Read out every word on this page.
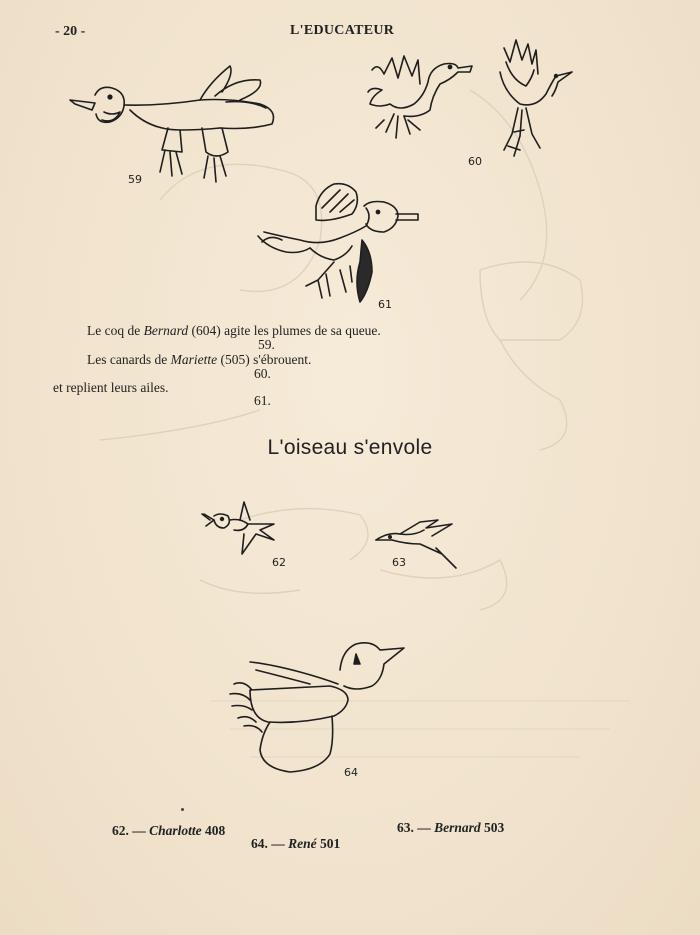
- 20 -	L'EDUCATEUR
59
60
61
Le coq de Bernard (604) agite les plumes de sa queue.
59.
Les canards de Mariette (505) s'ébrouent.
60.
et replient leurs ailes.
61.
L'oiseau s'envole
62	63
64
62. — Charlotte 408	63. — Bernard 503
64. — René 501
